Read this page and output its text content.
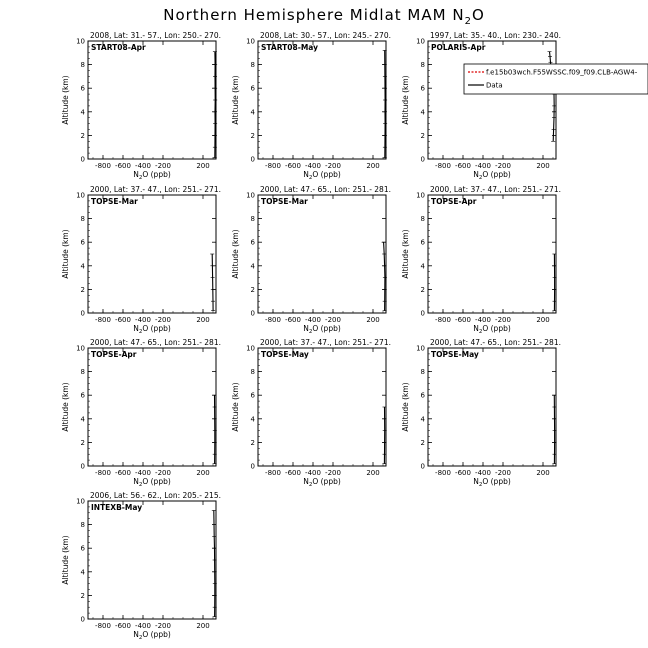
Northern Hemisphere Midlat MAM $N_2O$
2008, Lat: 31.- 57., Lon: 250.- 270.
START08-Apr
0
2
4
6
8
10
-800 -600 -400 -200	200
$N_2O$ (ppb)
Altitude (km)
2008, Lat: 30.- 57., Lon: 245.- 270.
START08-May
0
2
4
6
8
10
-800 -600 -400 -200	200
$N_2O$ (ppb)
Altitude (km)
1997, Lat: 35.- 40., Lon: 230.- 240.
POLARIS-Apr
0
2
4
6
8
10
-800 -600 -400 -200	200
$N_2O$ (ppb)
Altitude (km)
f.e15b03wch.F55WSSC.f09_f09.CLB-AGW4-
Data
2000, Lat: 37.- 47., Lon: 251.- 271.
TOPSE-Mar
0
2
4
6
8
10
-800 -600 -400 -200	200
$N_2O$ (ppb)
Altitude (km)
2000, Lat: 47.- 65., Lon: 251.- 281.
TOPSE-Mar
0
2
4
6
8
10
-800 -600 -400 -200	200
$N_2O$ (ppb)
Altitude (km)
2000, Lat: 37.- 47., Lon: 251.- 271.
TOPSE-Apr
0
2
4
6
8
10
-800 -600 -400 -200	200
$N_2O$ (ppb)
Altitude (km)
2000, Lat: 47.- 65., Lon: 251.- 281.
TOPSE-Apr
0
2
4
6
8
10
-800 -600 -400 -200	200
$N_2O$ (ppb)
Altitude (km)
2000, Lat: 37.- 47., Lon: 251.- 271.
TOPSE-May
0
2
4
6
8
10
-800 -600 -400 -200	200
$N_2O$ (ppb)
Altitude (km)
2000, Lat: 47.- 65., Lon: 251.- 281.
TOPSE-May
0
2
4
6
8
10
-800 -600 -400 -200	200
$N_2O$ (ppb)
Altitude (km)
2006, Lat: 56.- 62., Lon: 205.- 215.
INTEXB-May
0
2
4
6
8
10
-800 -600 -400 -200	200
$N_2O$ (ppb)
Altitude (km)
